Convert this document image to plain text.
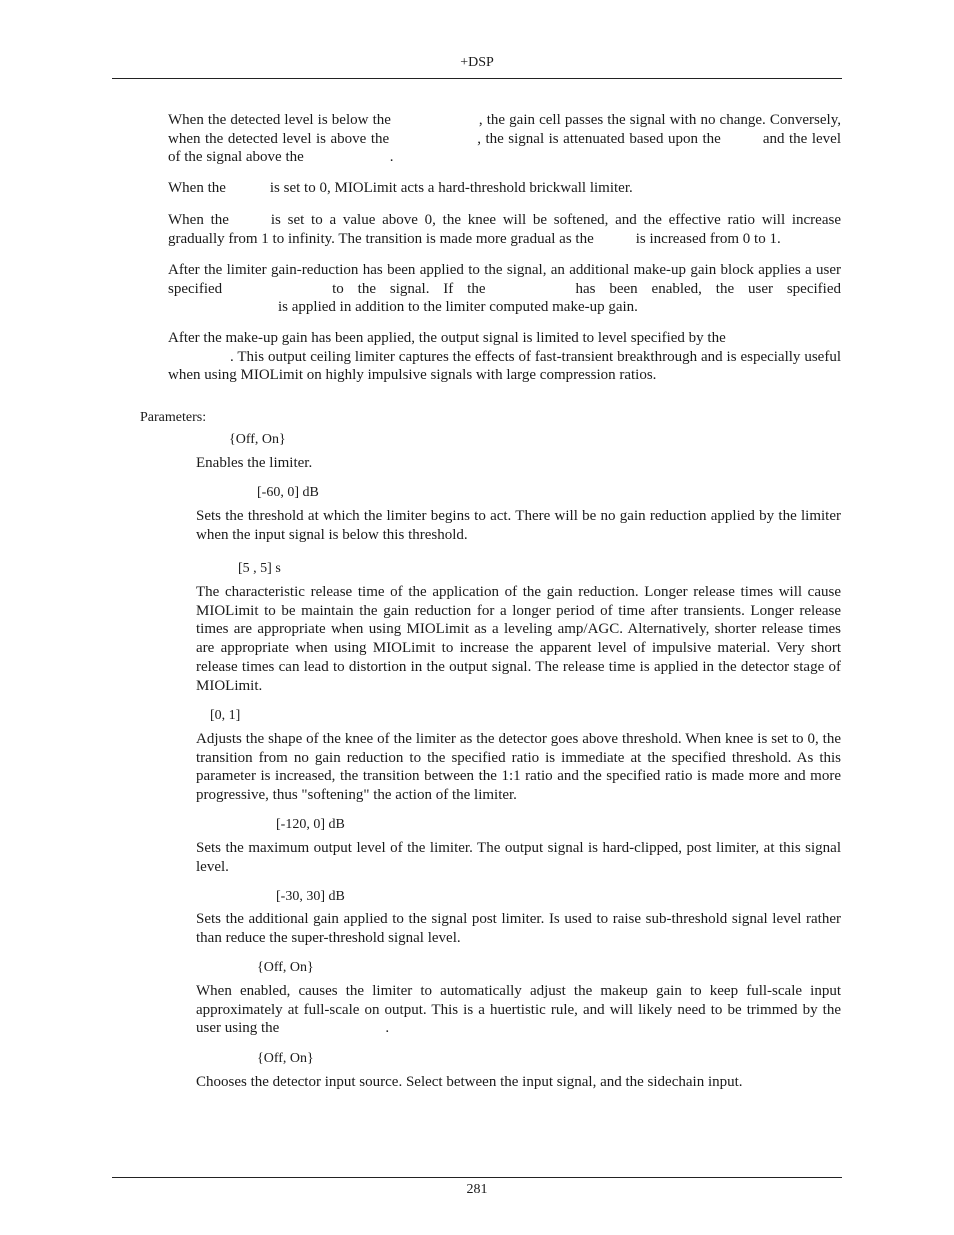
+DSP

When the detected level is below the	, the gain cell passes the signal with no change. Conversely, when the detected level is above the	, the signal is attenuated based upon the	and the level of the signal above the	.

When the	is set to 0, MIOLimit acts a hard-threshold brickwall limiter.

When the	is set to a value above 0, the knee will be softened, and the effective ratio will increase gradually from 1 to infinity. The transition is made more gradual as the	is increased from 0 to 1.

After the limiter gain-reduction has been applied to the signal, an additional make-up gain block applies a user specified	to the signal. If the	has been enabled, the user specifiedis applied in addition to the limiter computed make-up gain.

After the make-up gain has been applied, the output signal is limited to level specified by the
. This output ceiling limiter captures the effects of fast-transient breakthrough and is especially useful when using MIOLimit on highly impulsive signals with large compression ratios.

Parameters:
{Off, On}

Enables the limiter.

[-60, 0] dB

Sets the threshold at which the limiter begins to act. There will be no gain reduction applied by the limiter when the input signal is below this threshold.

[5 , 5] s

The characteristic release time of the application of the gain reduction. Longer release times will cause MIOLimit to be maintain the gain reduction for a longer period of time after transients. Longer release times are appropriate when using MIOLimit as a leveling amp/AGC. Alternatively, shorter release times are appropriate when using MIOLimit to increase the apparent level of impulsive material. Very short release times can lead to distortion in the output signal. The release time is applied in the detector stage of MIOLimit.

[0, 1]

Adjusts the shape of the knee of the limiter as the detector goes above threshold. When knee is set to 0, the transition from no gain reduction to the specified ratio is immediate at the specified threshold. As this parameter is increased, the transition between the 1:1 ratio and the specified ratio is made more and more progressive, thus "softening" the action of the limiter.

[-120, 0] dB

Sets the maximum output level of the limiter. The output signal is hard-clipped, post limiter, at this signal level.

[-30, 30] dB

Sets the additional gain applied to the signal post limiter. Is used to raise sub-threshold signal level rather than reduce the super-threshold signal level.

{Off, On}

When enabled, causes the limiter to automatically adjust the makeup gain to keep full-scale input approximately at full-scale on output. This is a huertistic rule, and will likely need to be trimmed by the user using the	.

{Off, On}

Chooses the detector input source. Select between the input signal, and the sidechain input.

281
